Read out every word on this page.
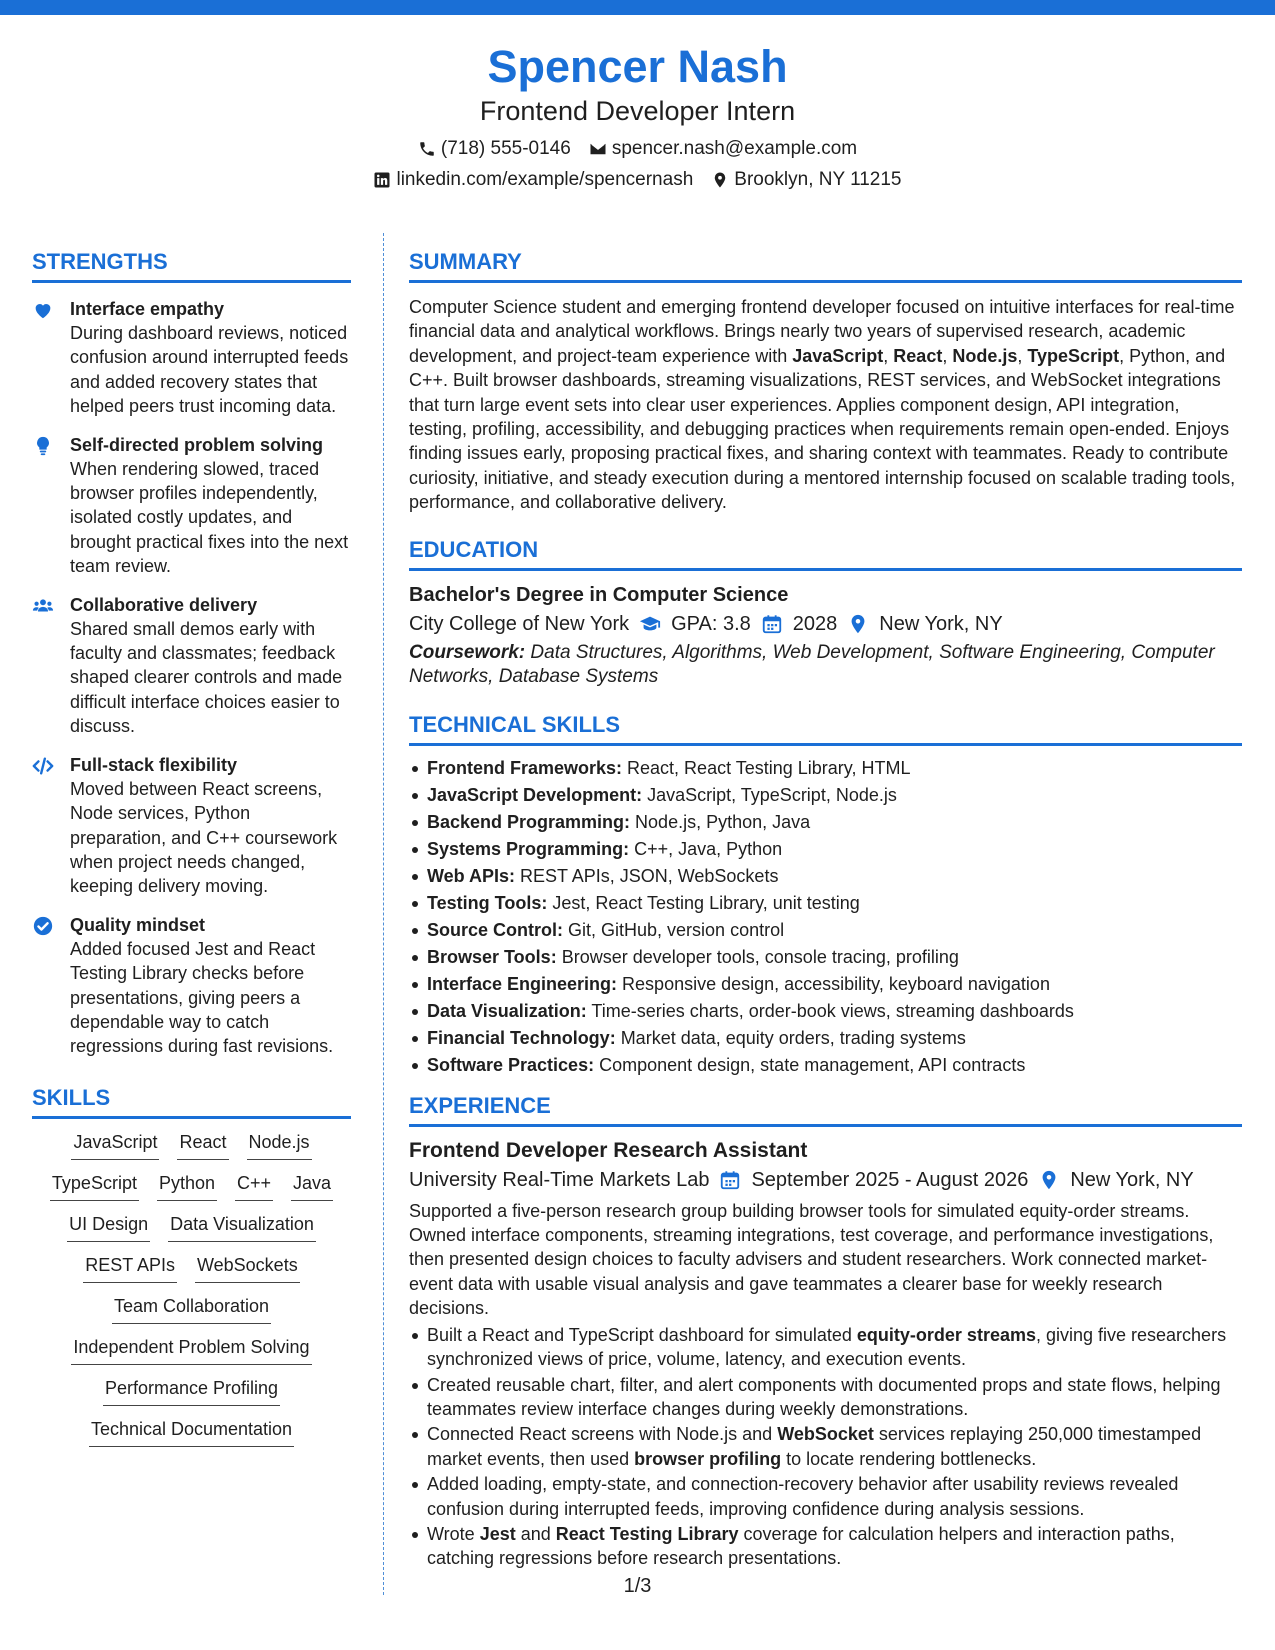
Spencer Nash
Frontend Developer Intern
(718) 555-0146 spencer.nash@example.com
linkedin.com/example/spencernash Brooklyn, NY 11215
STRENGTHS
Interface empathy
During dashboard reviews, noticed confusion around interrupted feeds and added recovery states that helped peers trust incoming data.
Self-directed problem solving
When rendering slowed, traced browser profiles independently, isolated costly updates, and brought practical fixes into the next team review.
Collaborative delivery
Shared small demos early with faculty and classmates; feedback shaped clearer controls and made difficult interface choices easier to discuss.
Full-stack flexibility
Moved between React screens, Node services, Python preparation, and C++ coursework when project needs changed, keeping delivery moving.
Quality mindset
Added focused Jest and React Testing Library checks before presentations, giving peers a dependable way to catch regressions during fast revisions.
SKILLS
JavaScript React Node.js
TypeScript Python C++ Java
UI Design Data Visualization
REST APIs WebSockets
Team Collaboration
Independent Problem Solving
Performance Profiling
Technical Documentation
SUMMARY
Computer Science student and emerging frontend developer focused on intuitive interfaces for real-time financial data and analytical workflows. Brings nearly two years of supervised research, academic development, and project-team experience with JavaScript, React, Node.js, TypeScript, Python, and C++. Built browser dashboards, streaming visualizations, REST services, and WebSocket integrations that turn large event sets into clear user experiences. Applies component design, API integration, testing, profiling, accessibility, and debugging practices when requirements remain open-ended. Enjoys finding issues early, proposing practical fixes, and sharing context with teammates. Ready to contribute curiosity, initiative, and steady execution during a mentored internship focused on scalable trading tools, performance, and collaborative delivery.
EDUCATION
Bachelor's Degree in Computer Science
City College of New York GPA: 3.8 2028 New York, NY
Coursework: Data Structures, Algorithms, Web Development, Software Engineering, Computer Networks, Database Systems
TECHNICAL SKILLS
Frontend Frameworks: React, React Testing Library, HTML
JavaScript Development: JavaScript, TypeScript, Node.js
Backend Programming: Node.js, Python, Java
Systems Programming: C++, Java, Python
Web APIs: REST APIs, JSON, WebSockets
Testing Tools: Jest, React Testing Library, unit testing
Source Control: Git, GitHub, version control
Browser Tools: Browser developer tools, console tracing, profiling
Interface Engineering: Responsive design, accessibility, keyboard navigation
Data Visualization: Time-series charts, order-book views, streaming dashboards
Financial Technology: Market data, equity orders, trading systems
Software Practices: Component design, state management, API contracts
EXPERIENCE
Frontend Developer Research Assistant
University Real-Time Markets Lab September 2025 - August 2026 New York, NY
Supported a five-person research group building browser tools for simulated equity-order streams. Owned interface components, streaming integrations, test coverage, and performance investigations, then presented design choices to faculty advisers and student researchers. Work connected market-event data with usable visual analysis and gave teammates a clearer base for weekly research decisions.
Built a React and TypeScript dashboard for simulated equity-order streams, giving five researchers synchronized views of price, volume, latency, and execution events.
Created reusable chart, filter, and alert components with documented props and state flows, helping teammates review interface changes during weekly demonstrations.
Connected React screens with Node.js and WebSocket services replaying 250,000 timestamped market events, then used browser profiling to locate rendering bottlenecks.
Added loading, empty-state, and connection-recovery behavior after usability reviews revealed confusion during interrupted feeds, improving confidence during analysis sessions.
Wrote Jest and React Testing Library coverage for calculation helpers and interaction paths, catching regressions before research presentations.
1/3
